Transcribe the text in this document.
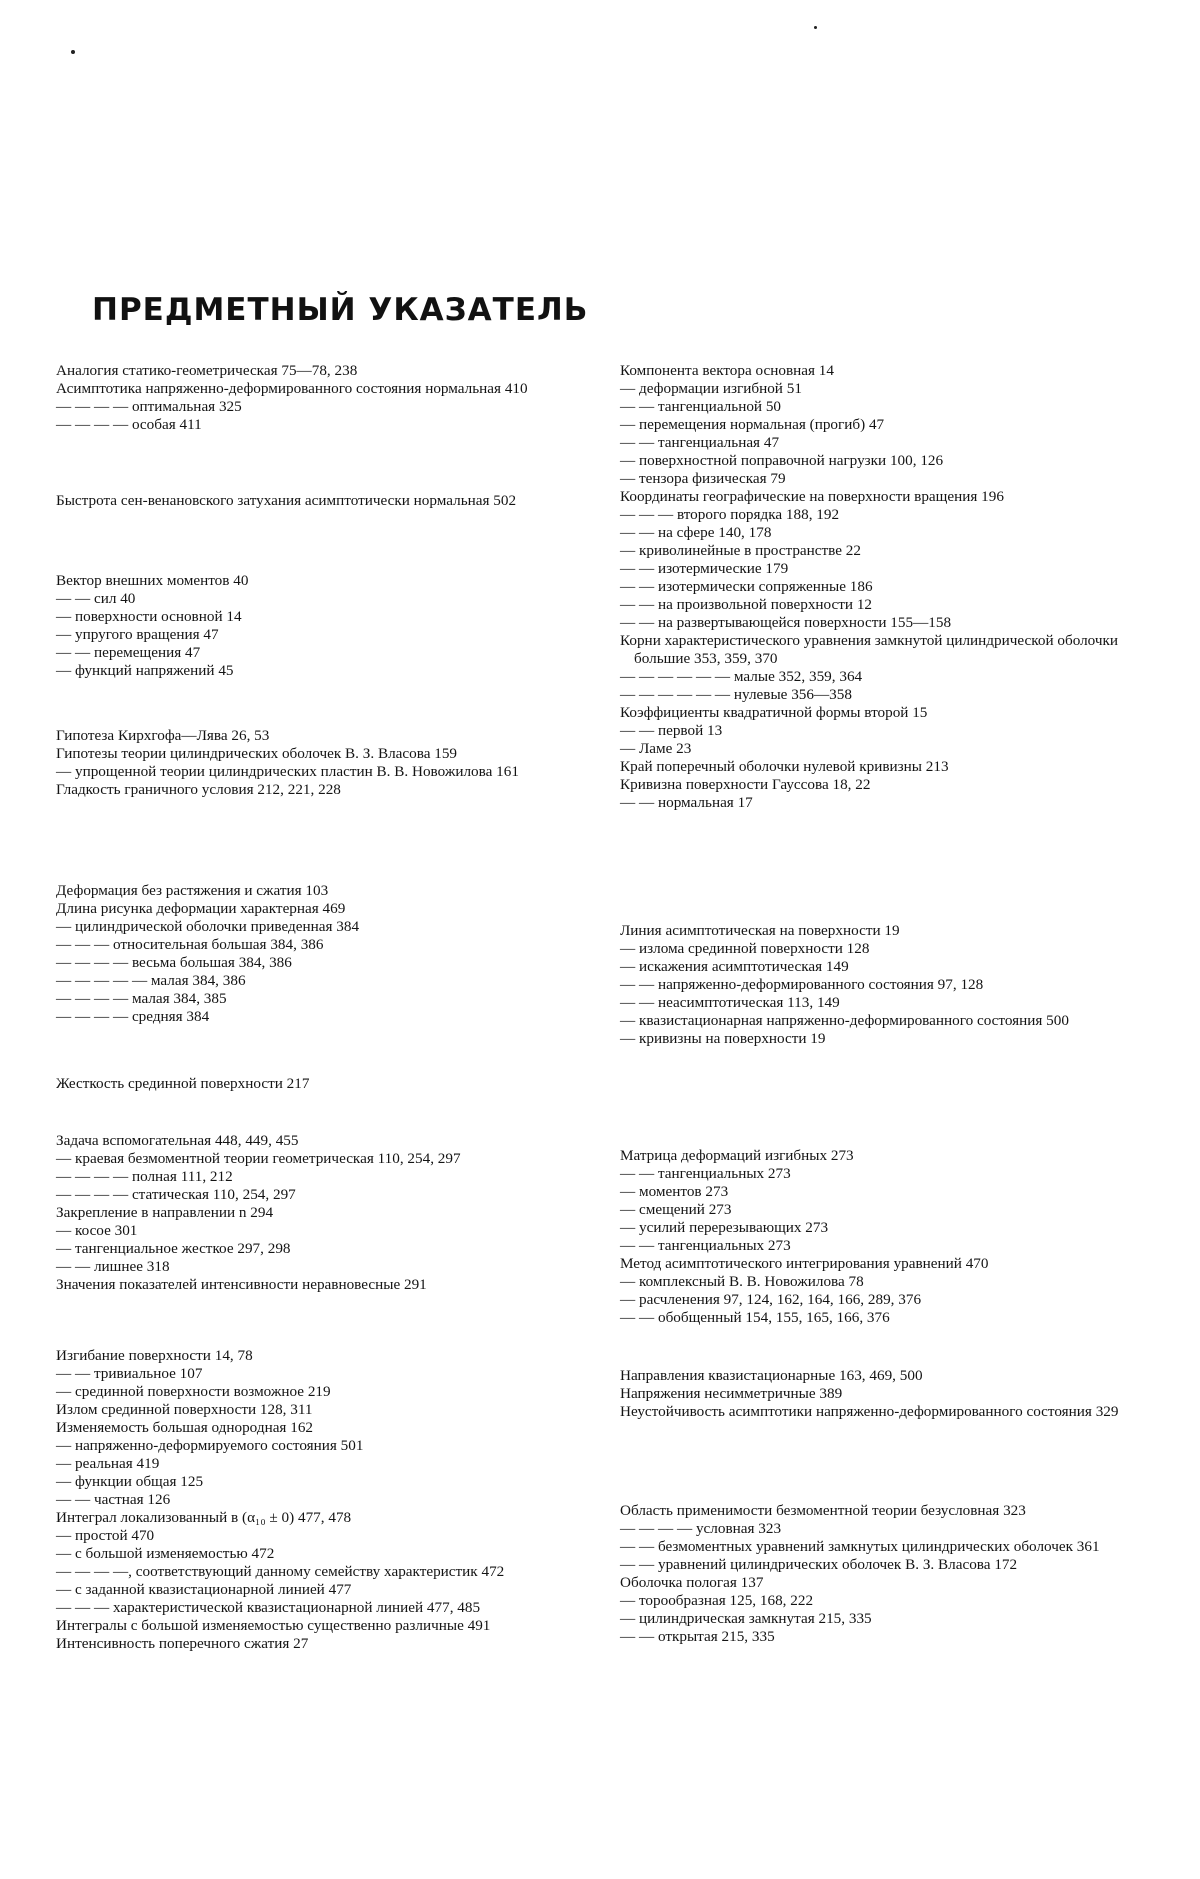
ПРЕДМЕТНЫЙ УКАЗАТЕЛЬ
Аналогия статико-геометрическая 75—78, 238
Асимптотика напряженно-деформированного состояния нормальная 410
— — — — оптимальная 325
— — — — особая 411
Быстрота сен-венановского затухания асимптотически нормальная 502
Вектор внешних моментов 40
— — сил 40
— поверхности основной 14
— упругого вращения 47
— — перемещения 47
— функций напряжений 45
Гипотеза Кирхгофа—Лява 26, 53
Гипотезы теории цилиндрических оболочек В. З. Власова 159
— упрощенной теории цилиндрических пластин В. В. Новожилова 161
Гладкость граничного условия 212, 221, 228
Деформация без растяжения и сжатия 103
Длина рисунка деформации характерная 469
— цилиндрической оболочки приведенная 384
— — — относительная большая 384, 386
— — — — весьма большая 384, 386
— — — — — малая 384, 386
— — — — малая 384, 385
— — — — средняя 384
Жесткость срединной поверхности 217
Задача вспомогательная 448, 449, 455
— краевая безмоментной теории геометрическая 110, 254, 297
— — — — полная 111, 212
— — — — статическая 110, 254, 297
Закрепление в направлении n 294
— косое 301
— тангенциальное жесткое 297, 298
— — лишнее 318
Значения показателей интенсивности неравновесные 291
Изгибание поверхности 14, 78
— — тривиальное 107
— срединной поверхности возможное 219
Излом срединной поверхности 128, 311
Изменяемость большая однородная 162
— напряженно-деформируемого состояния 501
— реальная 419
— функции общая 125
— — частная 126
Интеграл локализованный в (α₁₀ ± 0) 477, 478
— простой 470
— с большой изменяемостью 472
— — — —, соответствующий данному семейству характеристик 472
— с заданной квазистационарной линией 477
— — — характеристической квазистационарной линией 477, 485
Интегралы с большой изменяемостью существенно различные 491
Интенсивность поперечного сжатия 27
Компонента вектора основная 14
— деформации изгибной 51
— — тангенциальной 50
— перемещения нормальная (прогиб) 47
— — тангенциальная 47
— поверхностной поправочной нагрузки 100, 126
— тензора физическая 79
Координаты географические на поверхности вращения 196
— — — второго порядка 188, 192
— — на сфере 140, 178
— криволинейные в пространстве 22
— — изотермические 179
— — изотермически сопряженные 186
— — на произвольной поверхности 12
— — на развертывающейся поверхности 155—158
Корни характеристического уравнения замкнутой цилиндрической оболочки большие 353, 359, 370
— — — — — — малые 352, 359, 364
— — — — — — нулевые 356—358
Коэффициенты квадратичной формы второй 15
— — первой 13
— Ламе 23
Край поперечный оболочки нулевой кривизны 213
Кривизна поверхности Гауссова 18, 22
— — нормальная 17
Линия асимптотическая на поверхности 19
— излома срединной поверхности 128
— искажения асимптотическая 149
— — напряженно-деформированного состояния 97, 128
— — неасимптотическая 113, 149
— квазистационарная напряженно-деформированного состояния 500
— кривизны на поверхности 19
Матрица деформаций изгибных 273
— — тангенциальных 273
— моментов 273
— смещений 273
— усилий перерезывающих 273
— — тангенциальных 273
Метод асимптотического интегрирования уравнений 470
— комплексный В. В. Новожилова 78
— расчленения 97, 124, 162, 164, 166, 289, 376
— — обобщенный 154, 155, 165, 166, 376
Направления квазистационарные 163, 469, 500
Напряжения несимметричные 389
Неустойчивость асимптотики напряженно-деформированного состояния 329
Область применимости безмоментной теории безусловная 323
— — — — условная 323
— — безмоментных уравнений замкнутых цилиндрических оболочек 361
— — уравнений цилиндрических оболочек В. З. Власова 172
Оболочка пологая 137
— торообразная 125, 168, 222
— цилиндрическая замкнутая 215, 335
— — открытая 215, 335
